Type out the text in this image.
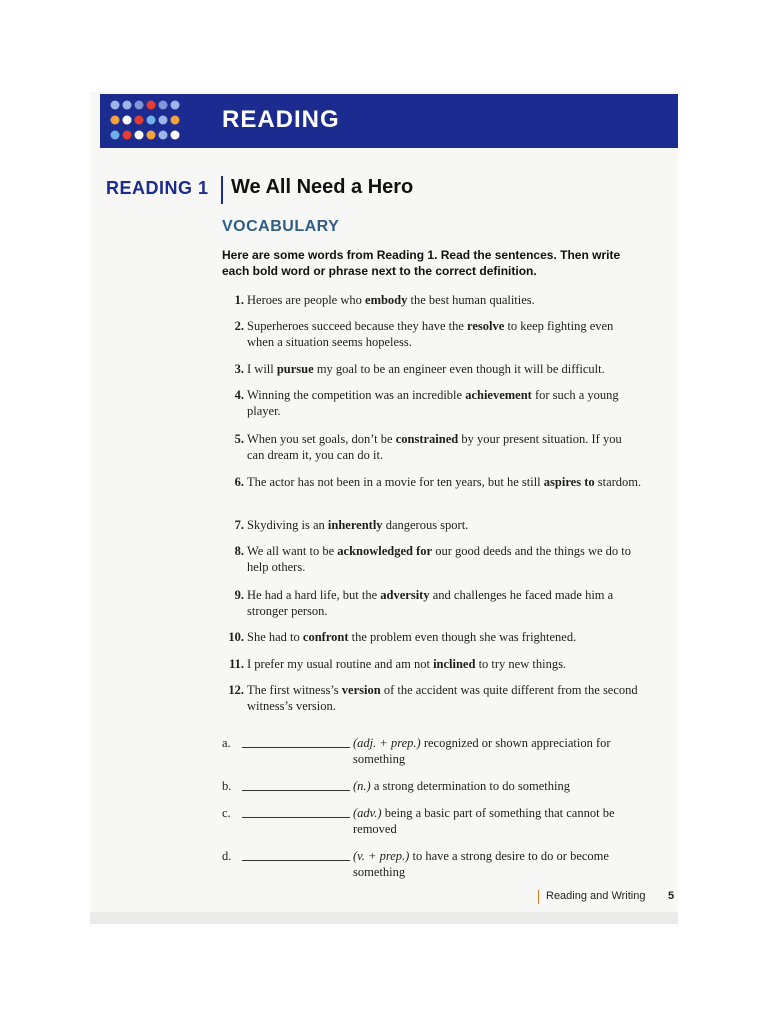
READING
READING 1 We All Need a Hero
VOCABULARY
Here are some words from Reading 1. Read the sentences. Then write each bold word or phrase next to the correct definition.
1. Heroes are people who embody the best human qualities.
2. Superheroes succeed because they have the resolve to keep fighting even when a situation seems hopeless.
3. I will pursue my goal to be an engineer even though it will be difficult.
4. Winning the competition was an incredible achievement for such a young player.
5. When you set goals, don’t be constrained by your present situation. If you can dream it, you can do it.
6. The actor has not been in a movie for ten years, but he still aspires to stardom.
7. Skydiving is an inherently dangerous sport.
8. We all want to be acknowledged for our good deeds and the things we do to help others.
9. He had a hard life, but the adversity and challenges he faced made him a stronger person.
10. She had to confront the problem even though she was frightened.
11. I prefer my usual routine and am not inclined to try new things.
12. The first witness’s version of the accident was quite different from the second witness’s version.
a.	(adj. + prep.) recognized or shown appreciation for something
b.	(n.) a strong determination to do something
c.	(adv.) being a basic part of something that cannot be removed
d.	(v. + prep.) to have a strong desire to do or become something
Reading and Writing 5
